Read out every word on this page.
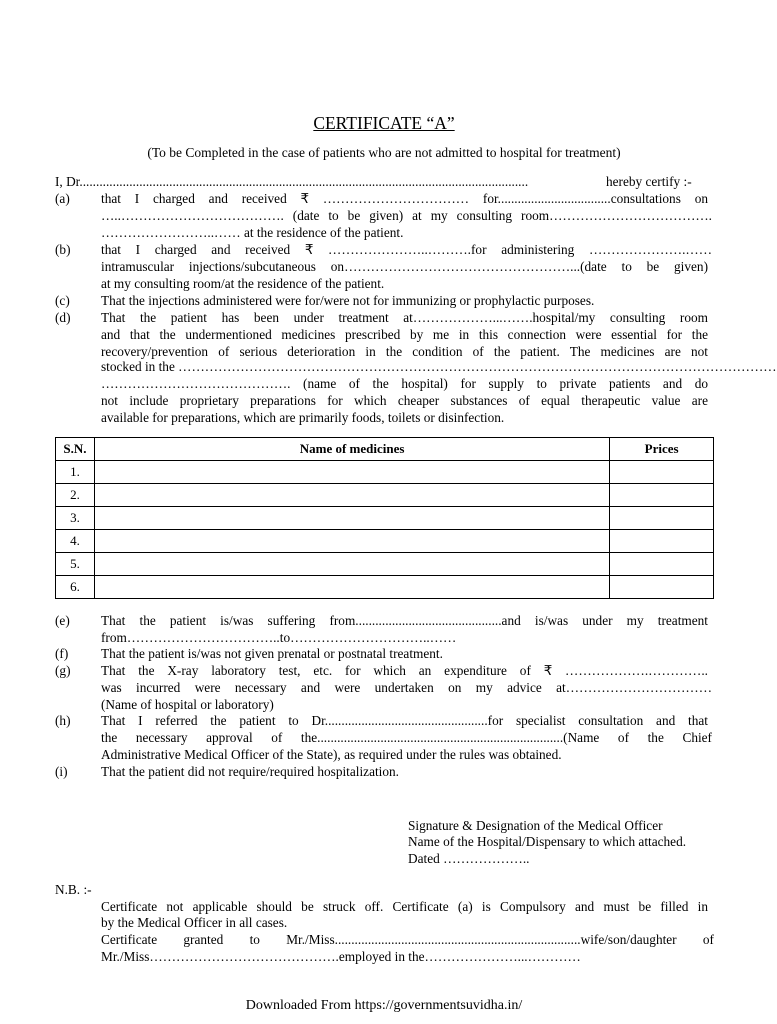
CERTIFICATE “A”
(To be Completed in the case of patients who are not admitted to hospital for treatment)
I, Dr.......................................................................................................................................	hereby certify :-
(a) that I charged and received ₹ …………………………… for..................................consultations on
…..………………………………. (date to be given) at my consulting room……………………………….
……………………..…… at the residence of the patient.
(b) that I charged and received ₹ …………………..……….for administering ………………….……
intramuscular injections/subcutaneous on……………………………………………...(date to be given)
at my consulting room/at the residence of the patient.
(c) That the injections administered were for/were not for immunizing or prophylactic purposes.
(d) That the patient has been under treatment at………………...…….hospital/my consulting room
and that the undermentioned medicines prescribed by me in this connection were essential for the
recovery/prevention of serious deterioration in the condition of the patient. The medicines are not
stocked in the ………………………………………………………………………………………………………………………
……………………………………. (name of the hospital) for supply to private patients and do
not include proprietary preparations for which cheaper substances of equal therapeutic value are
available for preparations, which are primarily foods, toilets or disinfection.
S.N.	Name of medicines	Prices
1.		
2.		
3.		
4.		
5.		
6.		
(e) That the patient is/was suffering from............................................and is/was under my treatment
from……………………………..to…………………………..……
(f) That the patient is/was not given prenatal or postnatal treatment.
(g) That the X-ray laboratory test, etc. for which an expenditure of ₹ ……………….…………..
was incurred were necessary and were undertaken on my advice at……………………………
(Name of hospital or laboratory)
(h) That I referred the patient to Dr.................................................for specialist consultation and that
the necessary approval of the..........................................................................(Name of the Chief
Administrative Medical Officer of the State), as required under the rules was obtained.
(i)	That the patient did not require/required hospitalization.
Signature & Designation of the Medical Officer
Name of the Hospital/Dispensary to which attached.
Dated ………………..
N.B. :-
Certificate not applicable should be struck off. Certificate (a) is Compulsory and must be filled in
by the Medical Officer in all cases.
Certificate granted to Mr./Miss..........................................................................wife/son/daughter of
Mr./Miss…………………………………….employed in the…………………...…………
Downloaded From https://governmentsuvidha.in/
